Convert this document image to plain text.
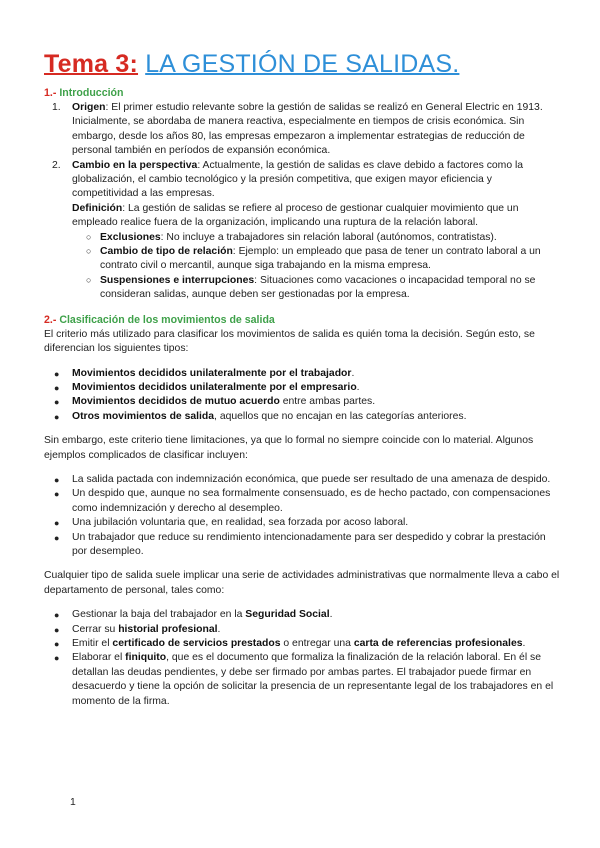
Tema 3: LA GESTIÓN DE SALIDAS.
1.- Introducción
1. Origen: El primer estudio relevante sobre la gestión de salidas se realizó en General Electric en 1913. Inicialmente, se abordaba de manera reactiva, especialmente en tiempos de crisis económica. Sin embargo, desde los años 80, las empresas empezaron a implementar estrategias de reducción de personal también en períodos de expansión económica.
2. Cambio en la perspectiva: Actualmente, la gestión de salidas es clave debido a factores como la globalización, el cambio tecnológico y la presión competitiva, que exigen mayor eficiencia y competitividad a las empresas.
Definición: La gestión de salidas se refiere al proceso de gestionar cualquier movimiento que un empleado realice fuera de la organización, implicando una ruptura de la relación laboral.
○ Exclusiones: No incluye a trabajadores sin relación laboral (autónomos, contratistas).
○ Cambio de tipo de relación: Ejemplo: un empleado que pasa de tener un contrato laboral a un contrato civil o mercantil, aunque siga trabajando en la misma empresa.
○ Suspensiones e interrupciones: Situaciones como vacaciones o incapacidad temporal no se consideran salidas, aunque deben ser gestionadas por la empresa.
2.- Clasificación de los movimientos de salida

El criterio más utilizado para clasificar los movimientos de salida es quién toma la decisión. Según esto, se diferencian los siguientes tipos:

● Movimientos decididos unilateralmente por el trabajador.
● Movimientos decididos unilateralmente por el empresario.
● Movimientos decididos de mutuo acuerdo entre ambas partes.
● Otros movimientos de salida, aquellos que no encajan en las categorías anteriores.

Sin embargo, este criterio tiene limitaciones, ya que lo formal no siempre coincide con lo material. Algunos ejemplos complicados de clasificar incluyen:

● La salida pactada con indemnización económica, que puede ser resultado de una amenaza de despido.
● Un despido que, aunque no sea formalmente consensuado, es de hecho pactado, con compensaciones como indemnización y derecho al desempleo.
● Una jubilación voluntaria que, en realidad, sea forzada por acoso laboral.
● Un trabajador que reduce su rendimiento intencionadamente para ser despedido y cobrar la prestación por desempleo.

Cualquier tipo de salida suele implicar una serie de actividades administrativas que normalmente lleva a cabo el departamento de personal, tales como:

● Gestionar la baja del trabajador en la Seguridad Social.
● Cerrar su historial profesional.
● Emitir el certificado de servicios prestados o entregar una carta de referencias profesionales.
● Elaborar el finiquito, que es el documento que formaliza la finalización de la relación laboral. En él se detallan las deudas pendientes, y debe ser firmado por ambas partes. El trabajador puede firmar en desacuerdo y tiene la opción de solicitar la presencia de un representante legal de los trabajadores en el momento de la firma.
1
